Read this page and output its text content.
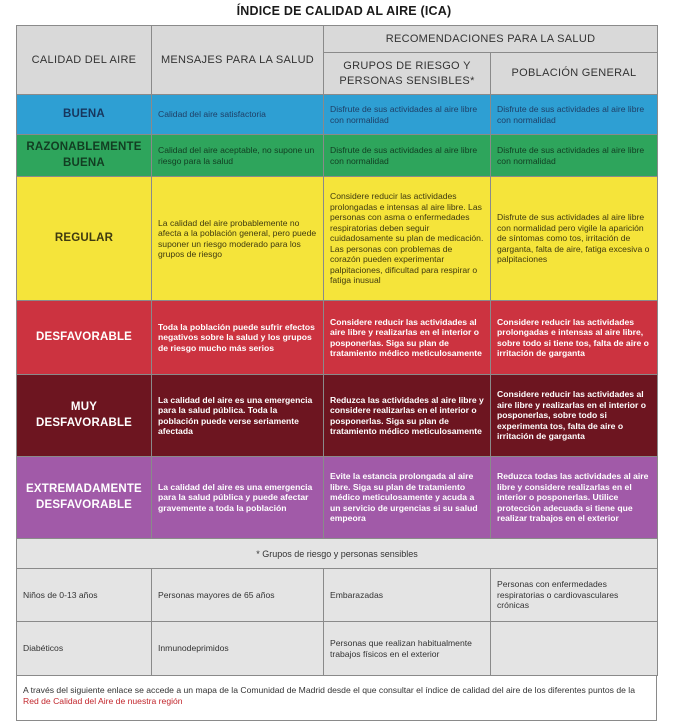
ÍNDICE DE CALIDAD AL AIRE (ICA)
CALIDAD DEL AIRE	MENSAJES PARA LA SALUD	RECOMENDACIONES PARA LA SALUD	
		GRUPOS DE RIESGO Y PERSONAS SENSIBLES*	POBLACIÓN GENERAL
BUENA	Calidad del aire satisfactoria	Disfrute de sus actividades al aire libre con normalidad	Disfrute de sus actividades al aire libre con normalidad
RAZONABLEMENTE BUENA	Calidad del aire aceptable, no supone un riesgo para la salud	Disfrute de sus actividades al aire libre con normalidad	Disfrute de sus actividades al aire libre con normalidad
REGULAR	La calidad del aire probablemente no afecta a la población general, pero puede suponer un riesgo moderado para los grupos de riesgo	Considere reducir las actividades prolongadas e intensas al aire libre. Las personas con asma o enfermedades respiratorias deben seguir cuidadosamente su plan de medicación. Las personas con problemas de corazón pueden experimentar palpitaciones, dificultad para respirar o fatiga inusual	Disfrute de sus actividades al aire libre con normalidad pero vigile la aparición de síntomas como tos, irritación de garganta, falta de aire, fatiga excesiva o palpitaciones
DESFAVORABLE	Toda la población puede sufrir efectos negativos sobre la salud y los grupos de riesgo mucho más serios	Considere reducir las actividades al aire libre y realizarlas en el interior o posponerlas. Siga su plan de tratamiento médico meticulosamente	Considere reducir las actividades prolongadas e intensas al aire libre, sobre todo si tiene tos, falta de aire o irritación de garganta
MUY DESFAVORABLE	La calidad del aire es una emergencia para la salud pública. Toda la población puede verse seriamente afectada	Reduzca las actividades al aire libre y considere realizarlas en el interior o posponerlas. Siga su plan de tratamiento médico meticulosamente	Considere reducir las actividades al aire libre y realizarlas en el interior o posponerlas, sobre todo si experimenta tos, falta de aire o irritación de garganta
EXTREMADAMENTE DESFAVORABLE	La calidad del aire es una emergencia para la salud pública y puede afectar gravemente a toda la población	Evite la estancia prolongada al aire libre. Siga su plan de tratamiento médico meticulosamente y acuda a un servicio de urgencias si su salud empeora	Reduzca todas las actividades al aire libre y considere realizarlas en el interior o posponerlas. Utilice protección adecuada si tiene que realizar trabajos en el exterior
* Grupos de riesgo y personas sensibles			
Niños de 0-13 años	Personas mayores de 65 años	Embarazadas	Personas con enfermedades respiratorias o cardiovasculares crónicas
Diabéticos	Inmunodeprimidos	Personas que realizan habitualmente trabajos físicos en el exterior	
A través del siguiente enlace se accede a un mapa de la Comunidad de Madrid desde el que consultar el índice de calidad del aire de los diferentes puntos de la Red de Calidad del Aire de nuestra región
